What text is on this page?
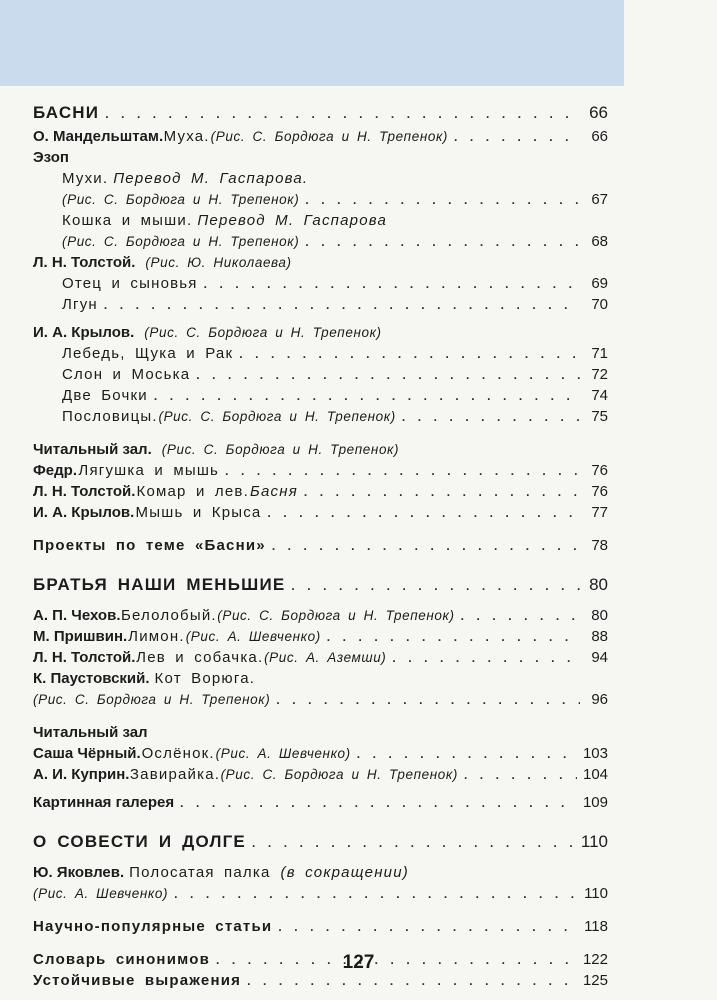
БАСНИ . . .	66
О. Мандельштам. Муха. (Рис. С. Бордюга и Н. Трепенок) . . .	66
Эзоп
Мухи. Перевод М. Гаспарова.
(Рис. С. Бордюга и Н. Трепенок) . . .	67
Кошка и мыши. Перевод М. Гаспарова
(Рис. С. Бордюга и Н. Трепенок) . . .	68
Л. Н. Толстой. (Рис. Ю. Николаева)
Отец и сыновья . . .	69
Лгун . . .	70
И. А. Крылов. (Рис. С. Бордюга и Н. Трепенок)
Лебедь, Щука и Рак . . .	71
Слон и Моська . . .	72
Две Бочки . . .	74
Пословицы. (Рис. С. Бордюга и Н. Трепенок) . . .	75
Читальный зал. (Рис. С. Бордюга и Н. Трепенок)
Федр. Лягушка и мышь . . .	76
Л. Н. Толстой. Комар и лев. Басня . . .	76
И. А. Крылов. Мышь и Крыса . . .	77
Проекты по теме «Басни» . . .	78
БРАТЬЯ НАШИ МЕНЬШИЕ . . .	80
А. П. Чехов. Белолобый. (Рис. С. Бордюга и Н. Трепенок) . . .	80
М. Пришвин. Лимон. (Рис. А. Шевченко) . . .	88
Л. Н. Толстой. Лев и собачка. (Рис. А. Аземши) . . .	94
К. Паустовский. Кот Ворюга.
(Рис. С. Бордюга и Н. Трепенок) . . .	96
Читальный зал
Саша Чёрный. Ослёнок. (Рис. А. Шевченко) . . .	103
А. И. Куприн. Завирайка. (Рис. С. Бордюга и Н. Трепенок) . . .	104
Картинная галерея . . .	109
О СОВЕСТИ И ДОЛГЕ . . .	110
Ю. Яковлев. Полосатая палка (в сокращении)
(Рис. А. Шевченко) . . .	110
Научно-популярные статьи . . .	118
Словарь синонимов . . .	122
Устойчивые выражения . . .	125
127
